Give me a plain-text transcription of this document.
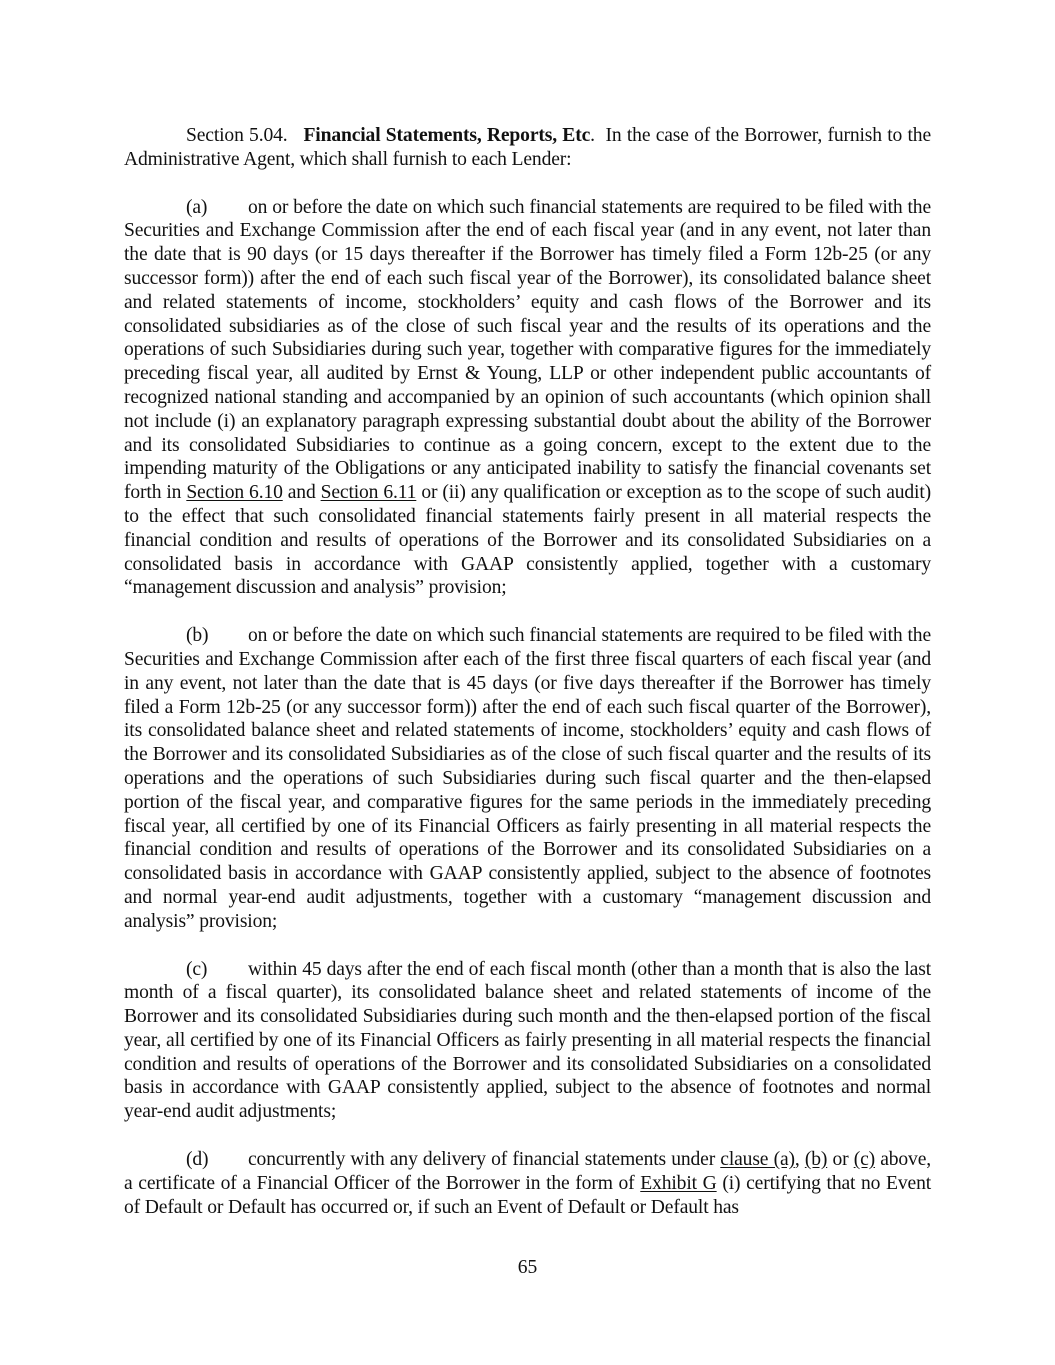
Section 5.04. Financial Statements, Reports, Etc. In the case of the Borrower, furnish to the Administrative Agent, which shall furnish to each Lender:

(a) on or before the date on which such financial statements are required to be filed with the Securities and Exchange Commission after the end of each fiscal year (and in any event, not later than the date that is 90 days (or 15 days thereafter if the Borrower has timely filed a Form 12b-25 (or any successor form)) after the end of each such fiscal year of the Borrower), its consolidated balance sheet and related statements of income, stockholders’ equity and cash flows of the Borrower and its consolidated subsidiaries as of the close of such fiscal year and the results of its operations and the operations of such Subsidiaries during such year, together with comparative figures for the immediately preceding fiscal year, all audited by Ernst & Young, LLP or other independent public accountants of recognized national standing and accompanied by an opinion of such accountants (which opinion shall not include (i) an explanatory paragraph expressing substantial doubt about the ability of the Borrower and its consolidated Subsidiaries to continue as a going concern, except to the extent due to the impending maturity of the Obligations or any anticipated inability to satisfy the financial covenants set forth in Section 6.10 and Section 6.11 or (ii) any qualification or exception as to the scope of such audit) to the effect that such consolidated financial statements fairly present in all material respects the financial condition and results of operations of the Borrower and its consolidated Subsidiaries on a consolidated basis in accordance with GAAP consistently applied, together with a customary “management discussion and analysis” provision;

(b) on or before the date on which such financial statements are required to be filed with the Securities and Exchange Commission after each of the first three fiscal quarters of each fiscal year (and in any event, not later than the date that is 45 days (or five days thereafter if the Borrower has timely filed a Form 12b-25 (or any successor form)) after the end of each such fiscal quarter of the Borrower), its consolidated balance sheet and related statements of income, stockholders’ equity and cash flows of the Borrower and its consolidated Subsidiaries as of the close of such fiscal quarter and the results of its operations and the operations of such Subsidiaries during such fiscal quarter and the then-elapsed portion of the fiscal year, and comparative figures for the same periods in the immediately preceding fiscal year, all certified by one of its Financial Officers as fairly presenting in all material respects the financial condition and results of operations of the Borrower and its consolidated Subsidiaries on a consolidated basis in accordance with GAAP consistently applied, subject to the absence of footnotes and normal year-end audit adjustments, together with a customary “management discussion and analysis” provision;

(c) within 45 days after the end of each fiscal month (other than a month that is also the last month of a fiscal quarter), its consolidated balance sheet and related statements of income of the Borrower and its consolidated Subsidiaries during such month and the then-elapsed portion of the fiscal year, all certified by one of its Financial Officers as fairly presenting in all material respects the financial condition and results of operations of the Borrower and its consolidated Subsidiaries on a consolidated basis in accordance with GAAP consistently applied, subject to the absence of footnotes and normal year-end audit adjustments;

(d) concurrently with any delivery of financial statements under clause (a), (b) or (c) above, a certificate of a Financial Officer of the Borrower in the form of Exhibit G (i) certifying that no Event of Default or Default has occurred or, if such an Event of Default or Default has

65
